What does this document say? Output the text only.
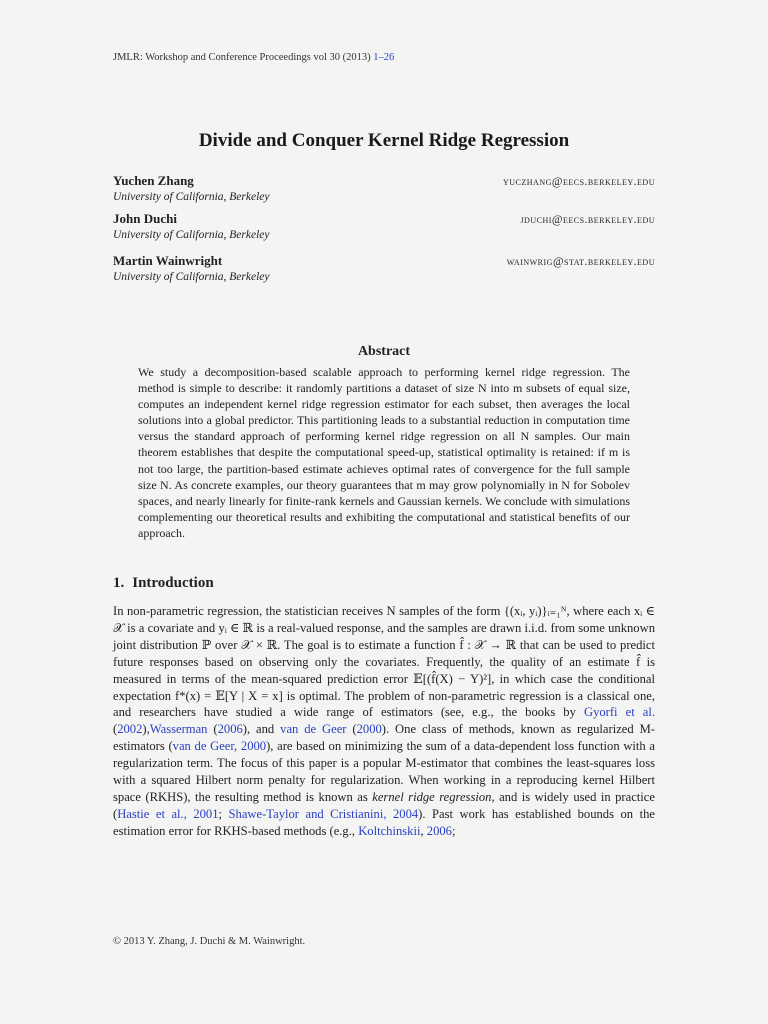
JMLR: Workshop and Conference Proceedings vol 30 (2013) 1–26
Divide and Conquer Kernel Ridge Regression
Yuchen Zhang	yuczhang@eecs.berkeley.edu
University of California, Berkeley
John Duchi	jduchi@eecs.berkeley.edu
University of California, Berkeley
Martin Wainwright	wainwrig@stat.berkeley.edu
University of California, Berkeley
Abstract
We study a decomposition-based scalable approach to performing kernel ridge regression. The method is simple to describe: it randomly partitions a dataset of size N into m subsets of equal size, computes an independent kernel ridge regression estimator for each subset, then averages the local solutions into a global predictor. This partitioning leads to a substantial reduction in computation time versus the standard approach of performing kernel ridge regression on all N samples. Our main theorem establishes that despite the computational speed-up, statistical optimality is retained: if m is not too large, the partition-based estimate achieves optimal rates of convergence for the full sample size N. As concrete examples, our theory guarantees that m may grow polynomially in N for Sobolev spaces, and nearly linearly for finite-rank kernels and Gaussian kernels. We conclude with simulations complementing our theoretical results and exhibiting the computational and statistical benefits of our approach.
1. Introduction
In non-parametric regression, the statistician receives N samples of the form {(xᵢ, yᵢ)}ᵢ₌₁ᴺ, where each xᵢ ∈ 𝒳 is a covariate and yᵢ ∈ ℝ is a real-valued response, and the samples are drawn i.i.d. from some unknown joint distribution ℙ over 𝒳 × ℝ. The goal is to estimate a function f̂ : 𝒳 → ℝ that can be used to predict future responses based on observing only the covariates. Frequently, the quality of an estimate f̂ is measured in terms of the mean-squared prediction error 𝔼[(f̂(X) − Y)²], in which case the conditional expectation f*(x) = 𝔼[Y | X = x] is optimal. The problem of non-parametric regression is a classical one, and researchers have studied a wide range of estimators (see, e.g., the books by Gyorfi et al. (2002),Wasserman (2006), and van de Geer (2000). One class of methods, known as regularized M-estimators (van de Geer, 2000), are based on minimizing the sum of a data-dependent loss function with a regularization term. The focus of this paper is a popular M-estimator that combines the least-squares loss with a squared Hilbert norm penalty for regularization. When working in a reproducing kernel Hilbert space (RKHS), the resulting method is known as kernel ridge regression, and is widely used in practice (Hastie et al., 2001; Shawe-Taylor and Cristianini, 2004). Past work has established bounds on the estimation error for RKHS-based methods (e.g., Koltchinskii, 2006;
© 2013 Y. Zhang, J. Duchi & M. Wainwright.
